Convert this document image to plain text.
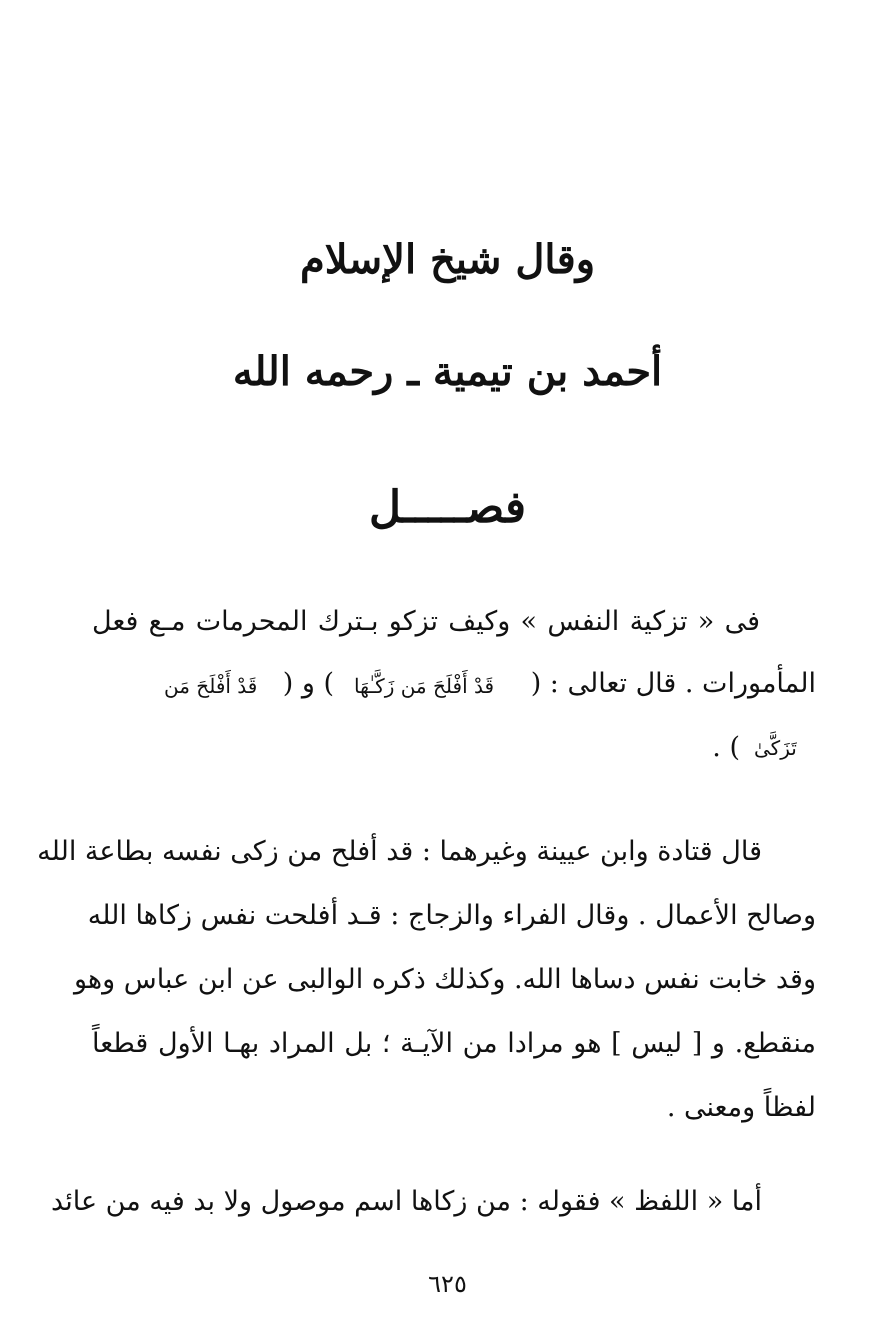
وقال شيخ الإسلام
أحمد بن تيمية ـ رحمه الله
فصـــــل
فى « تزكية النفس » وكيف تزكو بـترك المحرمات مـع فعل
المأمورات . قال تعالى : (
قَدْ أَفْلَحَ مَن زَكَّـٰهَا
) و (
قَدْ أَفْلَحَ مَن
تَزَكَّىٰ
) .
قال قتادة وابن عيينة وغيرهما : قد أفلح من زكى نفسه بطاعة الله
وصالح الأعمال . وقال الفراء والزجاج : قـد أفلحت نفس زكاها الله
وقد خابت نفس دساها الله. وكذلك ذكره الوالبى عن ابن عباس وهو
منقطع. و [ ليس ] هو مرادا من الآيـة ؛ بل المراد بهـا الأول قطعاً
لفظاً ومعنى .
أما « اللفظ » فقوله : من زكاها اسم موصول ولا بد فيه من عائد
٦٢٥
